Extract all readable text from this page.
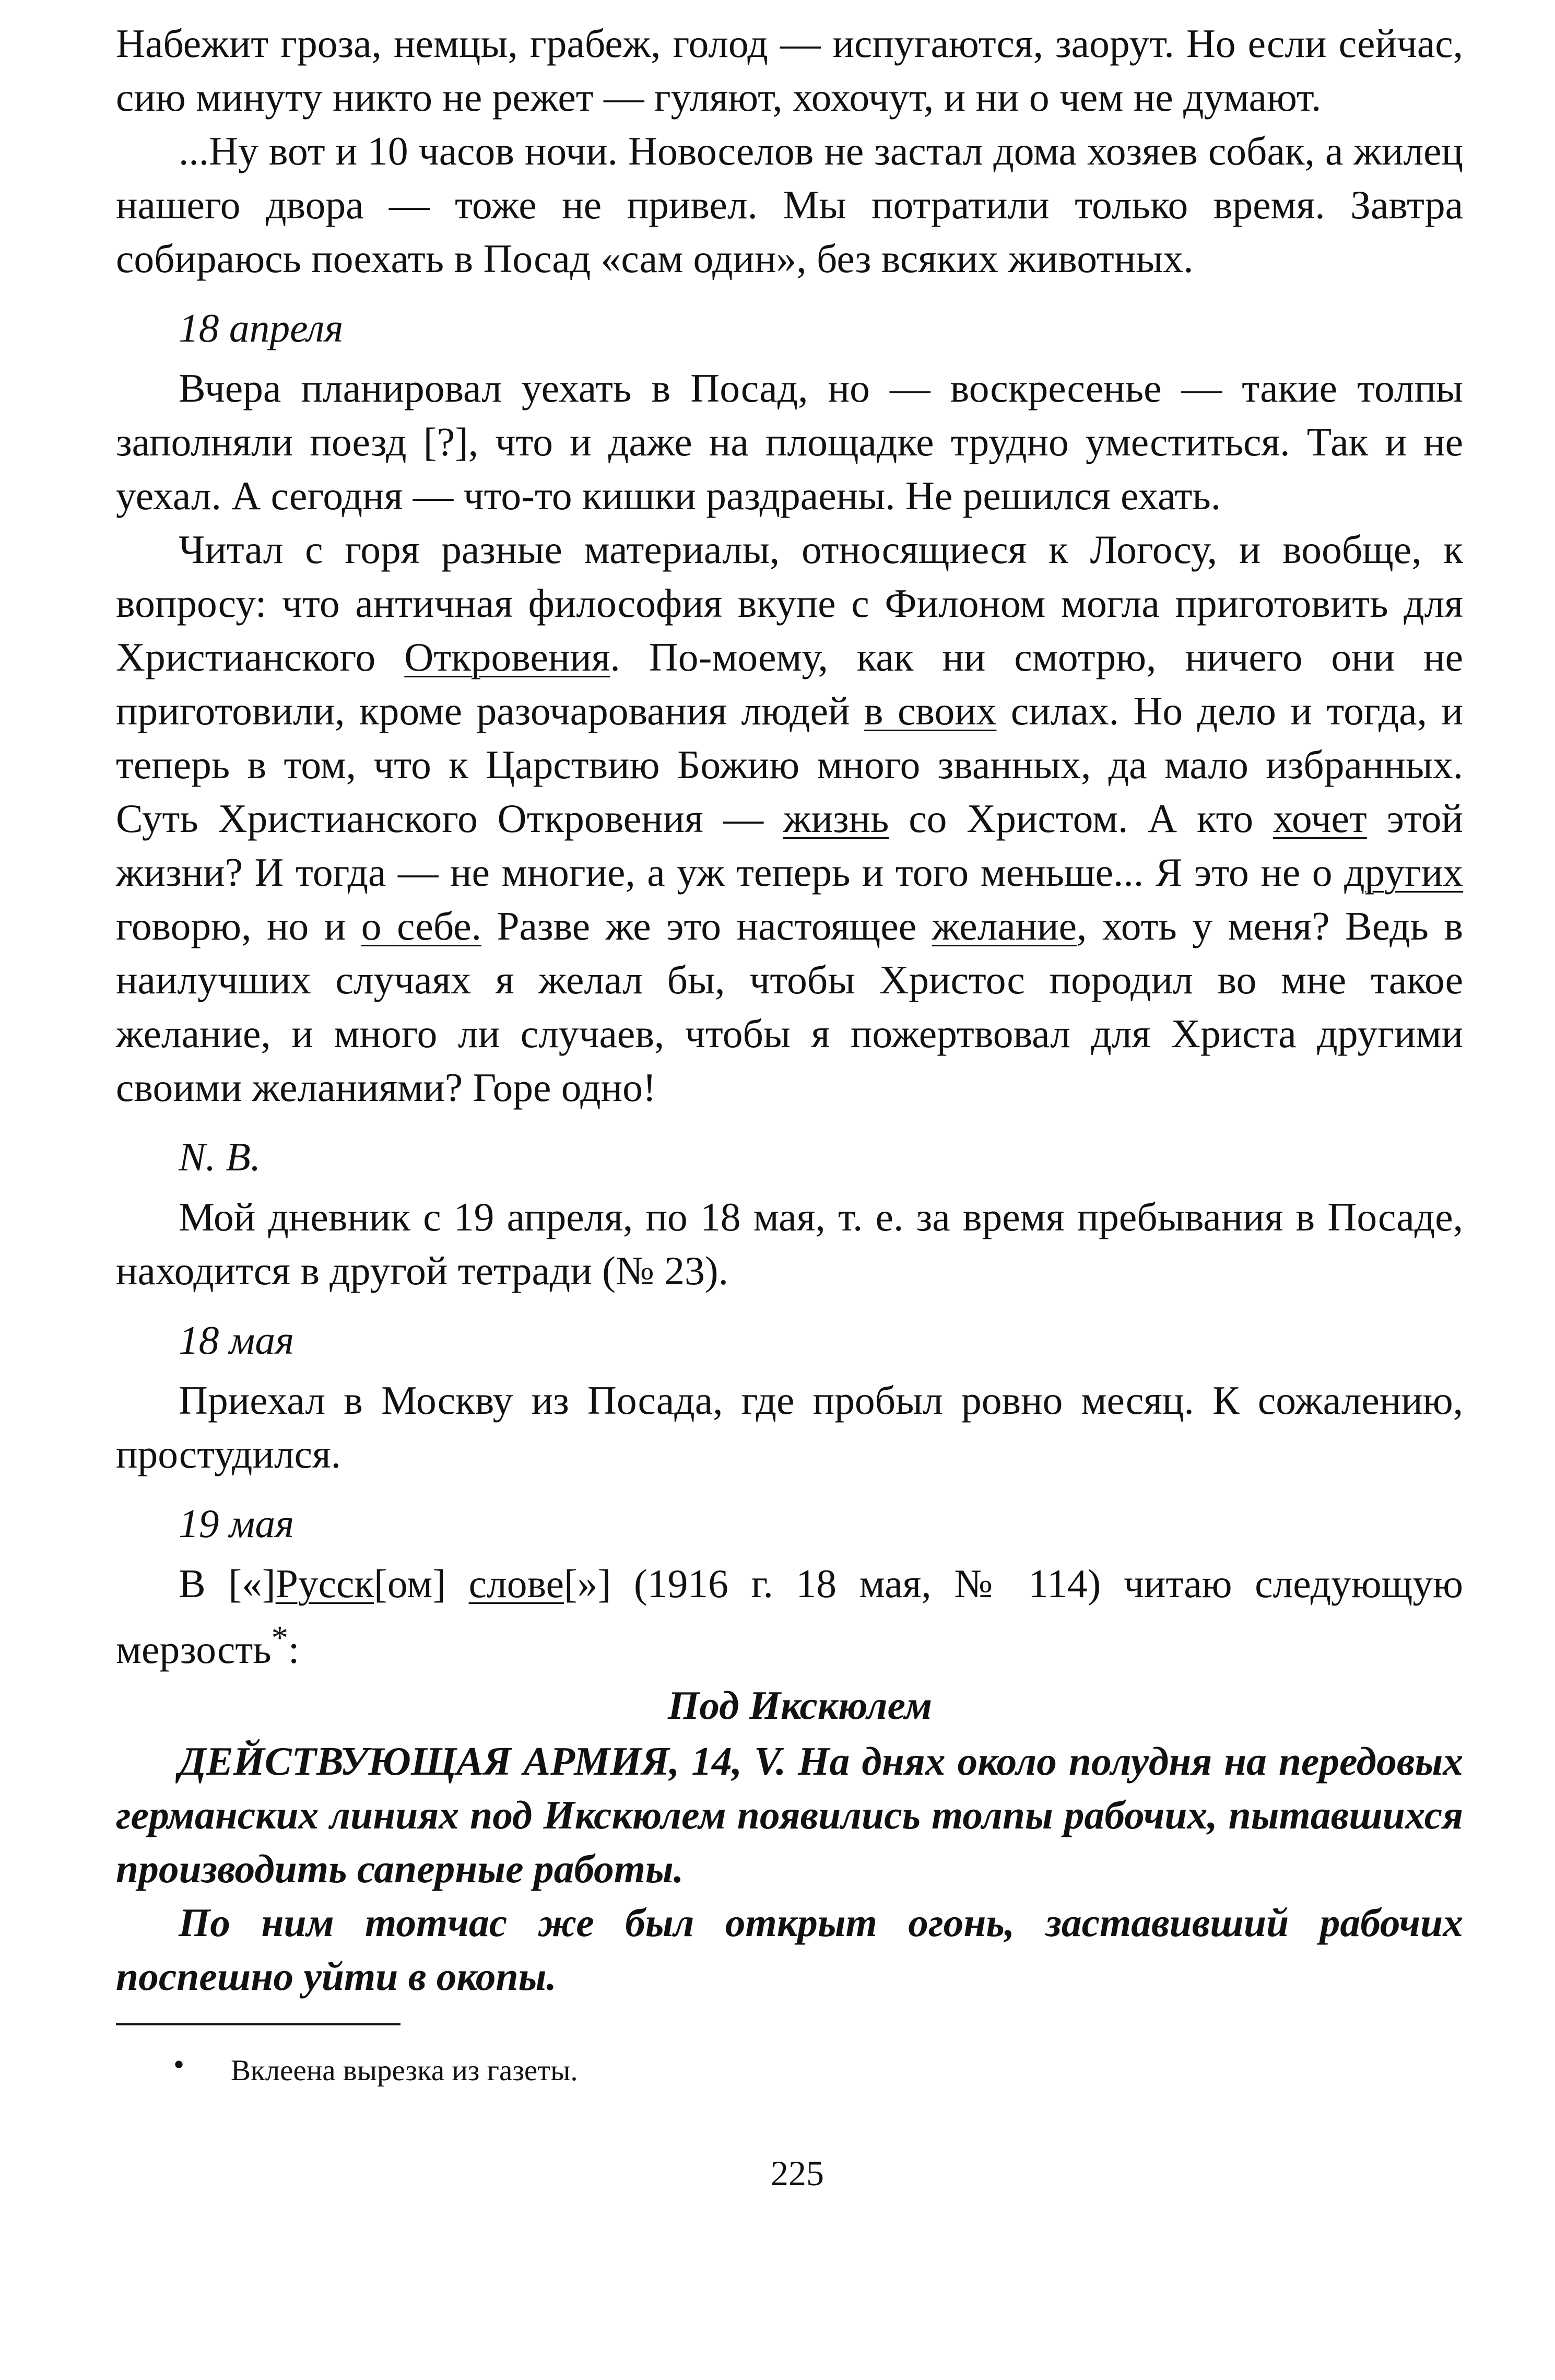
Набежит гроза, немцы, грабеж, голод — испугаются, заорут. Но если сейчас, сию минуту никто не режет — гуляют, хохочут, и ни о чем не думают.

...Ну вот и 10 часов ночи. Новоселов не застал дома хозяев собак, а жилец нашего двора — тоже не привел. Мы потратили только время. Завтра собираюсь поехать в Посад «сам один», без всяких животных.

18 апреля

Вчера планировал уехать в Посад, но — воскресенье — такие толпы заполняли поезд [?], что и даже на площадке трудно уместиться. Так и не уехал. А сегодня — что-то кишки раздраены. Не решился ехать.

Читал с горя разные материалы, относящиеся к Логосу, и вообще, к вопросу: что античная философия вкупе с Филоном могла приготовить для Христианского Откровения. По-моему, как ни смотрю, ничего они не приготовили, кроме разочарования людей в своих силах. Но дело и тогда, и теперь в том, что к Царствию Божию много званных, да мало избранных. Суть Христианского Откровения — жизнь со Христом. А кто хочет этой жизни? И тогда — не многие, а уж теперь и того меньше... Я это не о других говорю, но и о себе. Разве же это настоящее желание, хоть у меня? Ведь в наилучших случаях я желал бы, чтобы Христос породил во мне такое желание, и много ли случаев, чтобы я пожертвовал для Христа другими своими желаниями? Горе одно!

N. B.

Мой дневник с 19 апреля, по 18 мая, т. е. за время пребывания в Посаде, находится в другой тетради (№ 23).

18 мая

Приехал в Москву из Посада, где пробыл ровно месяц. К сожалению, простудился.

19 мая

В [«]Русск[ом] слове[»] (1916 г. 18 мая, № 114) читаю следующую мерзость*:

Под Икскюлем

ДЕЙСТВУЮЩАЯ АРМИЯ, 14, V. На днях около полудня на передовых германских линиях под Икскюлем появились толпы рабочих, пытавшихся производить саперные работы.

По ним тотчас же был открыт огонь, заставивший рабочих поспешно уйти в окопы.

• Вклеена вырезка из газеты.
225
